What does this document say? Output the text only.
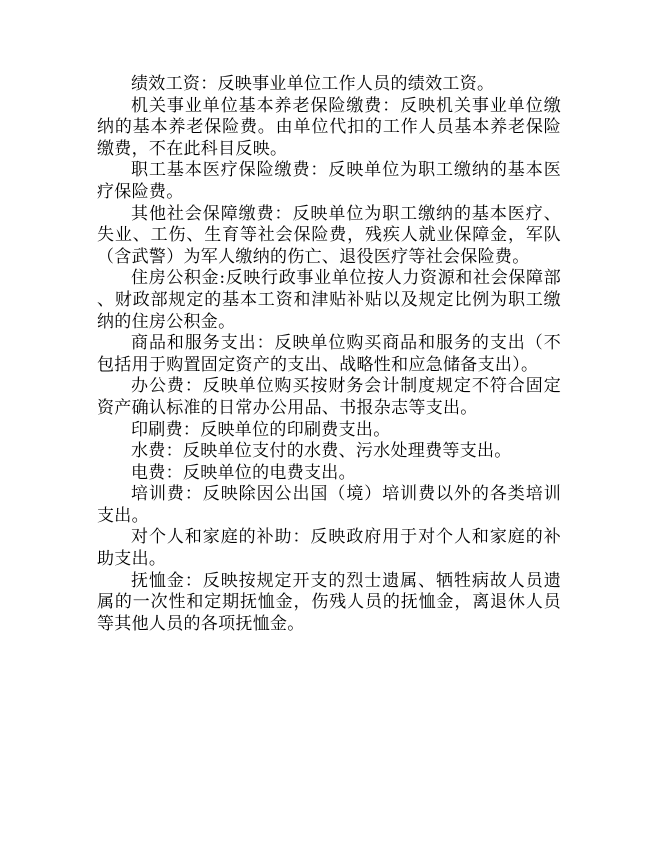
绩效工资：反映事业单位工作人员的绩效工资。

机关事业单位基本养老保险缴费：反映机关事业单位缴纳的基本养老保险费。由单位代扣的工作人员基本养老保险缴费，不在此科目反映。

职工基本医疗保险缴费：反映单位为职工缴纳的基本医疗保险费。

其他社会保障缴费：反映单位为职工缴纳的基本医疗、失业、工伤、生育等社会保险费，残疾人就业保障金，军队（含武警）为军人缴纳的伤亡、退役医疗等社会保险费。

住房公积金:反映行政事业单位按人力资源和社会保障部、财政部规定的基本工资和津贴补贴以及规定比例为职工缴纳的住房公积金。

商品和服务支出：反映单位购买商品和服务的支出（不包括用于购置固定资产的支出、战略性和应急储备支出）。

办公费：反映单位购买按财务会计制度规定不符合固定资产确认标准的日常办公用品、书报杂志等支出。

印刷费：反映单位的印刷费支出。

水费：反映单位支付的水费、污水处理费等支出。

电费：反映单位的电费支出。

培训费：反映除因公出国（境）培训费以外的各类培训支出。

对个人和家庭的补助：反映政府用于对个人和家庭的补助支出。

抚恤金：反映按规定开支的烈士遗属、牺牲病故人员遗属的一次性和定期抚恤金，伤残人员的抚恤金，离退休人员等其他人员的各项抚恤金。
